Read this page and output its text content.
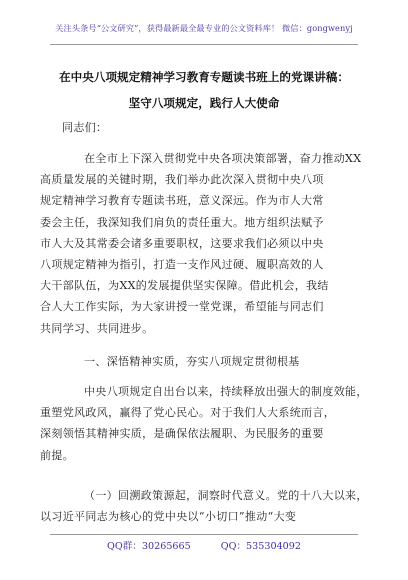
关注头条号“公文研究”，获得最新最全最专业的公文资料库！ 微信：gongwenyj
在中央八项规定精神学习教育专题读书班上的党课讲稿：
坚守八项规定，践行人大使命
同志们：
在全市上下深入贯彻党中央各项决策部署，奋力推动XX
高质量发展的关键时期，我们举办此次深入贯彻中央八项
规定精神学习教育专题读书班，意义深远。作为市人大常
委会主任，我深知我们肩负的责任重大。地方组织法赋予
市人大及其常委会诸多重要职权，这要求我们必须以中央
八项规定精神为指引，打造一支作风过硬、履职高效的人
大干部队伍，为XX的发展提供坚实保障。借此机会，我结
合人大工作实际，为大家讲授一堂党课，希望能与同志们
共同学习、共同进步。
一、深悟精神实质，夯实八项规定贯彻根基
中央八项规定自出台以来，持续释放出强大的制度效能，
重塑党风政风，赢得了党心民心。对于我们人大系统而言，
深刻领悟其精神实质，是确保依法履职、为民服务的重要
前提。
（一）回溯政策源起，洞察时代意义。党的十八大以来，
以习近平同志为核心的党中央以“小切口”推动“大变
QQ群：30265665	QQ：535304092
